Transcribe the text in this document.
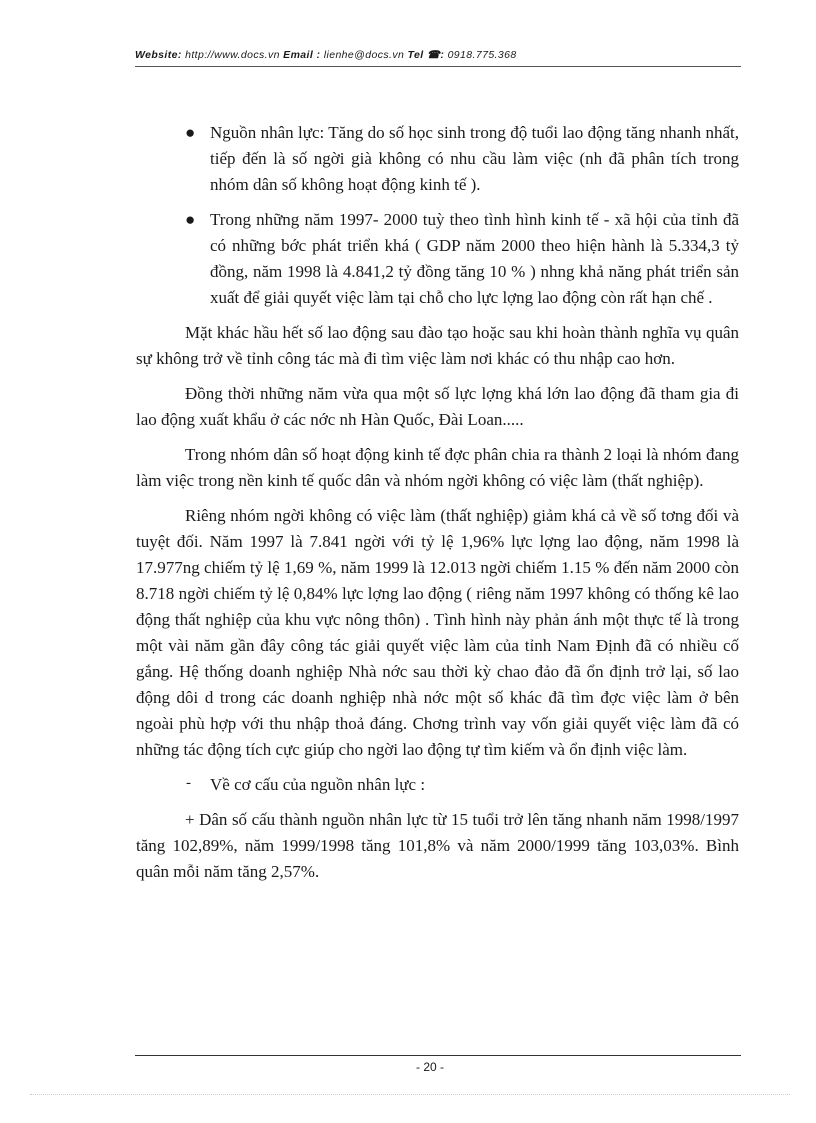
Website: http://www.docs.vn Email : lienhe@docs.vn Tel ☎: 0918.775.368
● Nguồn nhân lực: Tăng do số học sinh trong độ tuổi lao động tăng nhanh nhất, tiếp đến là số ngời già không có nhu cầu làm việc (nh đã phân tích trong nhóm dân số không hoạt động kinh tế ).
● Trong những năm 1997- 2000 tuỳ theo tình hình kinh tế - xã hội của tỉnh đã có những bớc phát triển khá ( GDP năm 2000 theo hiện hành là 5.334,3 tỷ đồng, năm 1998 là 4.841,2 tỷ đồng tăng 10 % ) nhng khả năng phát triển sản xuất để giải quyết việc làm tại chỗ cho lực lợng lao động còn rất hạn chế .

Mặt khác hầu hết số lao động sau đào tạo hoặc sau khi hoàn thành nghĩa vụ quân sự không trở về tỉnh công tác mà đi tìm việc làm nơi khác có thu nhập cao hơn.

Đồng thời những năm vừa qua một số lực lợng khá lớn lao động đã tham gia đi lao động xuất khẩu ở các nớc nh Hàn Quốc, Đài Loan.....

Trong nhóm dân số hoạt động kinh tế đợc phân chia ra thành 2 loại là nhóm đang làm việc trong nền kinh tế quốc dân và nhóm ngời không có việc làm (thất nghiệp).

Riêng nhóm ngời không có việc làm (thất nghiệp) giảm khá cả về số tơng đối và tuyệt đối. Năm 1997 là 7.841 ngời với tỷ lệ 1,96% lực lợng lao động, năm 1998 là 17.977ng chiếm tỷ lệ 1,69 %, năm 1999 là 12.013 ngời chiếm 1.15 % đến năm 2000 còn 8.718 ngời chiếm tỷ lệ 0,84% lực lợng lao động ( riêng năm 1997 không có thống kê lao động thất nghiệp của khu vực nông thôn) . Tình hình này phản ánh một thực tế là trong một vài năm gần đây công tác giải quyết việc làm của tỉnh Nam Định đã có nhiều cố gắng. Hệ thống doanh nghiệp Nhà nớc sau thời kỳ chao đảo đã ổn định trở lại, số lao động dôi d trong các doanh nghiệp nhà nớc một số khác đã tìm đợc việc làm ở bên ngoài phù hợp với thu nhập thoả đáng. Chơng trình vay vốn giải quyết việc làm đã có những tác động tích cực giúp cho ngời lao động tự tìm kiếm và ổn định việc làm.

- Về cơ cấu của nguồn nhân lực :

+ Dân số cấu thành nguồn nhân lực từ 15 tuổi trở lên tăng nhanh năm 1998/1997 tăng 102,89%, năm 1999/1998 tăng 101,8% và năm 2000/1999 tăng 103,03%. Bình quân mỗi năm tăng 2,57%.

- 20 -
